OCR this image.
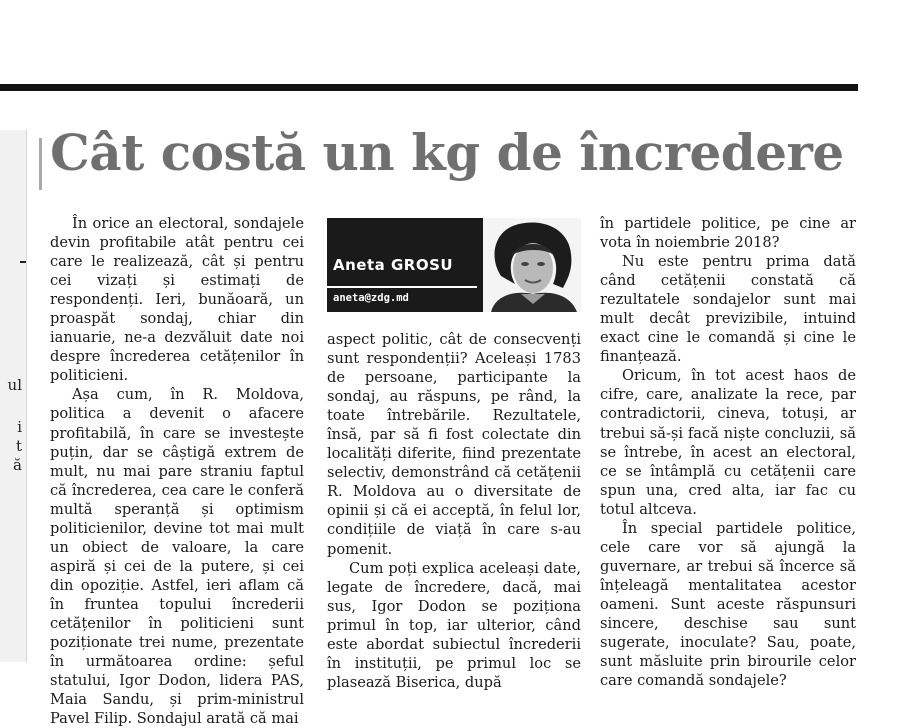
ul
i
t
ă
Cât costă un kg de încredere

În orice an electoral, sondajele devin profitabile atât pentru cei care le realizează, cât și pentru cei vizați și estimați de respondenți. Ieri, bunăoară, un proaspăt sondaj, chiar din ianuarie, ne-a dezvăluit date noi despre încrederea cetățenilor în politicieni.

Așa cum, în R. Moldova, politica a devenit o afacere profitabilă, în care se investește puțin, dar se câștigă extrem de mult, nu mai pare straniu faptul că încrederea, cea care le conferă multă speranță și optimism politicienilor, devine tot mai mult un obiect de valoare, la care aspiră și cei de la putere, și cei din opoziție. Astfel, ieri aflam că în fruntea topului încrederii cetățenilor în politicieni sunt poziționate trei nume, prezentate în următoarea ordine: șeful statului, Igor Dodon, lidera PAS, Maia Sandu, și prim-ministrul Pavel Filip. Sondajul arată că mai

Aneta GROSU
aneta@zdg.md

aspect politic, cât de consecvenți sunt respondenții? Aceleași 1783 de persoane, participante la sondaj, au răspuns, pe rând, la toate întrebările. Rezultatele, însă, par să fi fost colectate din localități diferite, fiind prezentate selectiv, demonstrând că cetățenii R. Moldova au o diversitate de opinii și că ei acceptă, în felul lor, condițiile de viață în care s-au pomenit.

Cum poți explica aceleași date, legate de încredere, dacă, mai sus, Igor Dodon se poziționa primul în top, iar ulterior, când este abordat subiectul încrederii în instituții, pe primul loc se plasează Biserica, după

în partidele politice, pe cine ar vota în noiembrie 2018?

Nu este pentru prima dată când cetățenii constată că rezultatele sondajelor sunt mai mult decât previzibile, intuind exact cine le comandă și cine le finanțează.

Oricum, în tot acest haos de cifre, care, analizate la rece, par contradictorii, cineva, totuși, ar trebui să-și facă niște concluzii, să se întrebe, în acest an electoral, ce se întâmplă cu cetățenii care spun una, cred alta, iar fac cu totul altceva.

În special partidele politice, cele care vor să ajungă la guvernare, ar trebui să încerce să înțeleagă mentalitatea acestor oameni. Sunt aceste răspunsuri sincere, deschise sau sunt sugerate, inoculate? Sau, poate, sunt măsluite prin birourile celor care comandă sondajele?
